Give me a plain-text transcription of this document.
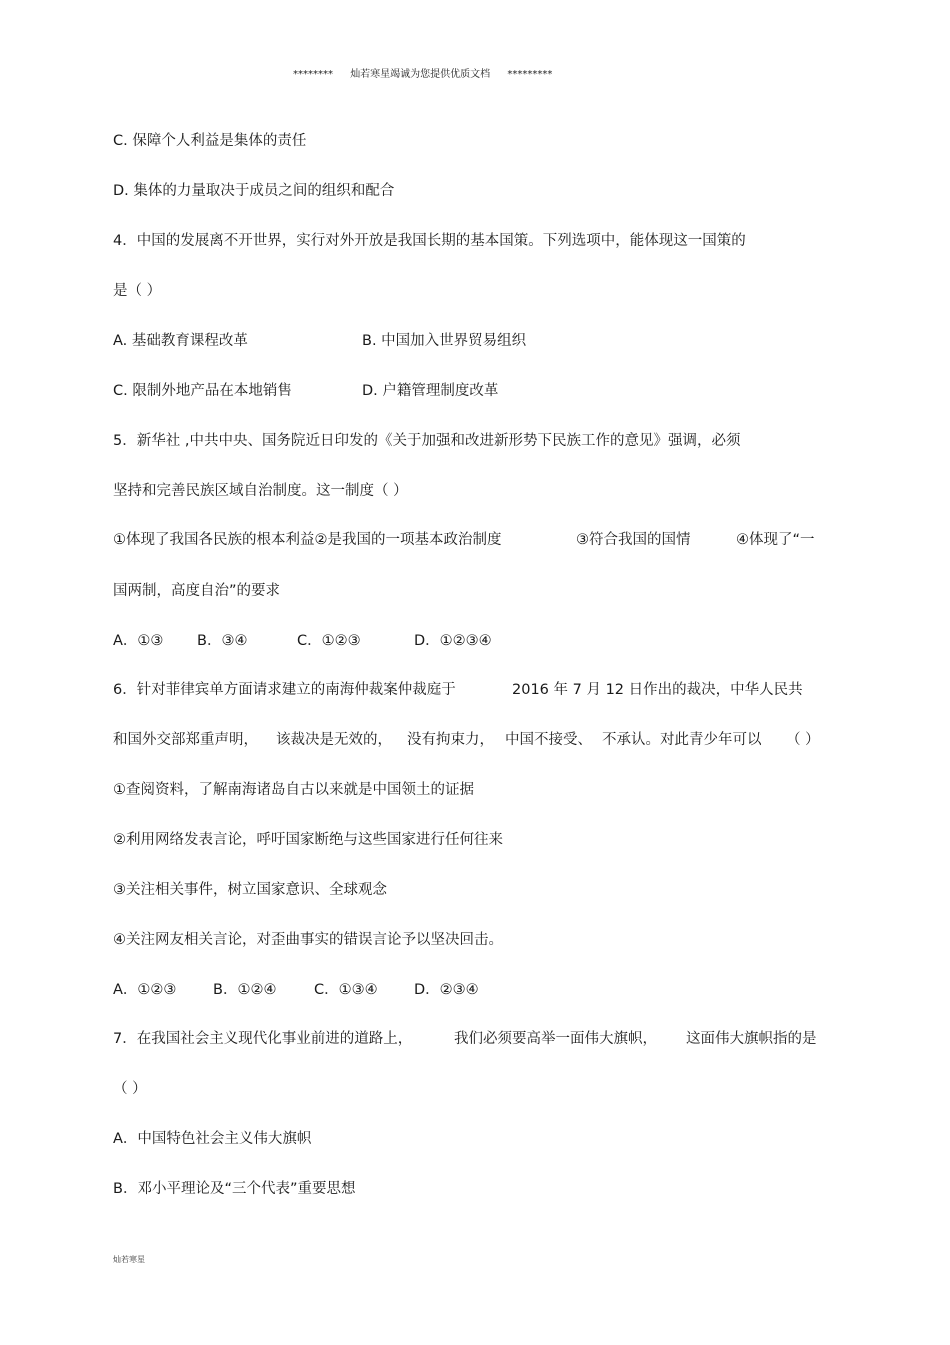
******** 灿若寒星竭诚为您提供优质文档 *********
C. 保障个人利益是集体的责任
D. 集体的力量取决于成员之间的组织和配合
4．中国的发展离不开世界，实行对外开放是我国长期的基本国策。下列选项中，能体现这一国策的
是（ ）
A. 基础教育课程改革	B. 中国加入世界贸易组织
C. 限制外地产品在本地销售	D. 户籍管理制度改革
5．新华社 ,中共中央、国务院近日印发的《关于加强和改进新形势下民族工作的意见》强调，必须
坚持和完善民族区域自治制度。这一制度（ ）
①体现了我国各民族的根本利益②是我国的一项基本政治制度	③符合我国的国情	④体现了“一
国两制，高度自治”的要求
A．①③ B．③④	C．①②③	D．①②③④
6．针对菲律宾单方面请求建立的南海仲裁案仲裁庭于	2016 年 7 月 12 日作出的裁决，中华人民共
和国外交部郑重声明， 该裁决是无效的， 没有拘束力， 中国不接受、 不承认。对此青少年可以 （ ）
①查阅资料，了解南海诸岛自古以来就是中国领土的证据
②利用网络发表言论，呼吁国家断绝与这些国家进行任何往来
③关注相关事件，树立国家意识、全球观念
④关注网友相关言论，对歪曲事实的错误言论予以坚决回击。
A．①②③	B．①②④	C．①③④	D．②③④
7．在我国社会主义现代化事业前进的道路上，	我们必须要高举一面伟大旗帜， 这面伟大旗帜指的是
（ ）
A．中国特色社会主义伟大旗帜
B．邓小平理论及“三个代表”重要思想
灿若寒星
